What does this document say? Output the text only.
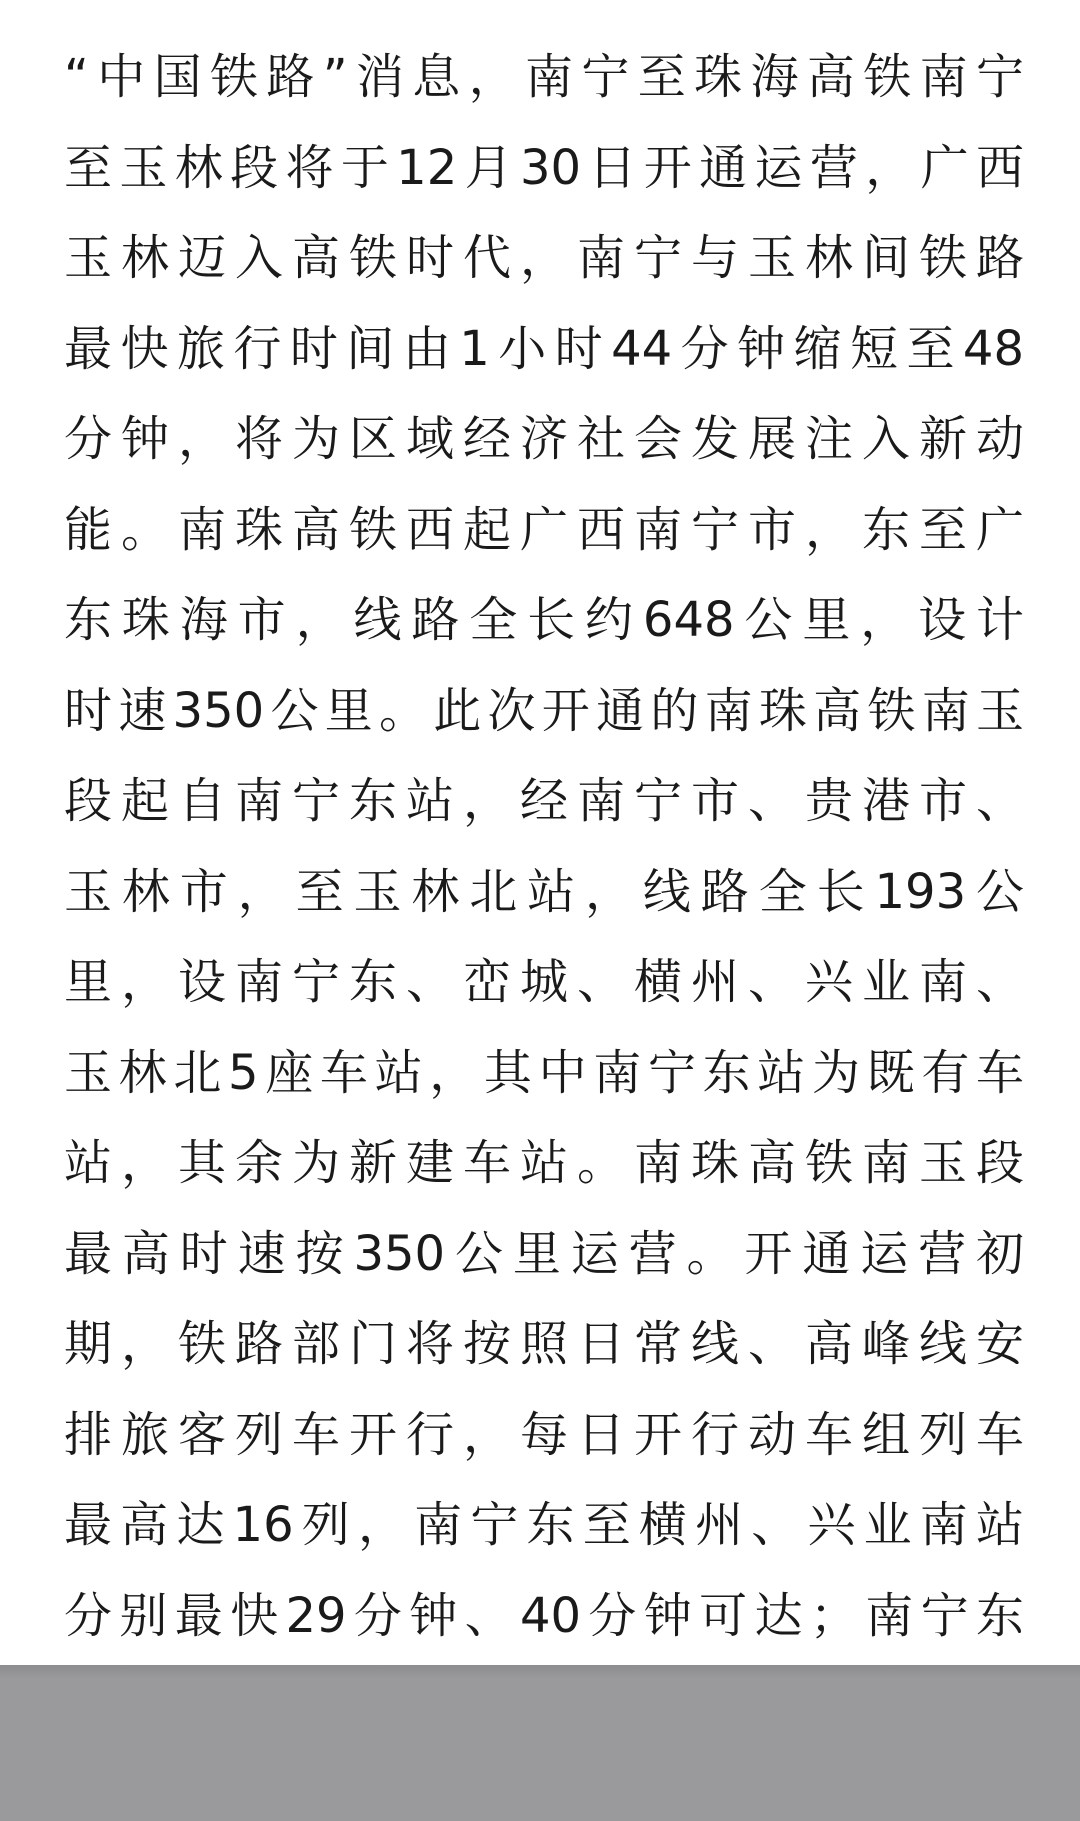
“中国铁路”消息，南宁至珠海高铁南宁
至玉林段将于12月30日开通运营，广西
玉林迈入高铁时代，南宁与玉林间铁路
最快旅行时间由1小时44分钟缩短至48
分钟，将为区域经济社会发展注入新动
能。南珠高铁西起广西南宁市，东至广
东珠海市，线路全长约648公里，设计
时速350公里。此次开通的南珠高铁南玉
段起自南宁东站，经南宁市、贵港市、
玉林市，至玉林北站，线路全长193公
里，设南宁东、峦城、横州、兴业南、
玉林北5座车站，其中南宁东站为既有车
站，其余为新建车站。南珠高铁南玉段
最高时速按350公里运营。开通运营初
期，铁路部门将按照日常线、高峰线安
排旅客列车开行，每日开行动车组列车
最高达16列，南宁东至横州、兴业南站
分别最快29分钟、40分钟可达；南宁东
